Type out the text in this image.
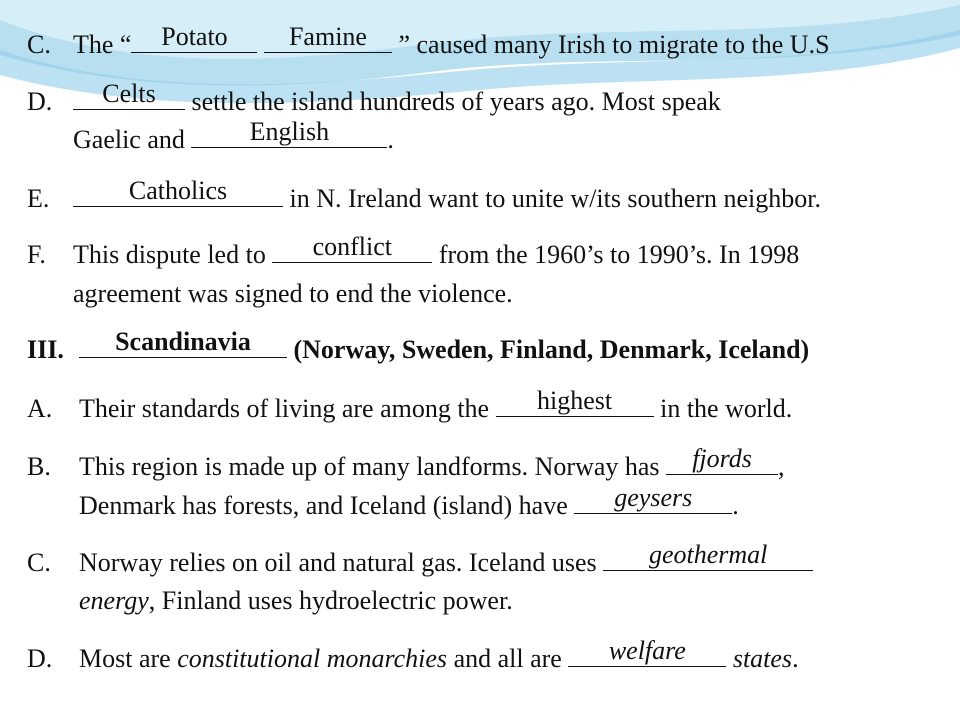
C. The “	Potato
	Famine	” caused many Irish to migrate to the U.S
D.	Celts	settle the island hundreds of years ago. Most speak
Gaelic and	English	.
E.	Catholics	in N. Ireland want to unite w/its southern neighbor.
F. This dispute led to	conflict	from the 1960’s to 1990’s. In 1998
agreement was signed to end the violence.
III.	Scandinavia	(Norway, Sweden, Finland, Denmark, Iceland)
A. Their standards of living are among the	highest	in the world.
B. This region is made up of many landforms. Norway has	fjords	,
Denmark has forests, and Iceland (island) have	geysers	.
C. Norway relies on oil and natural gas. Iceland uses	geothermal
energy, Finland uses hydroelectric power.
D. Most are constitutional monarchies and all are	welfare	states.
